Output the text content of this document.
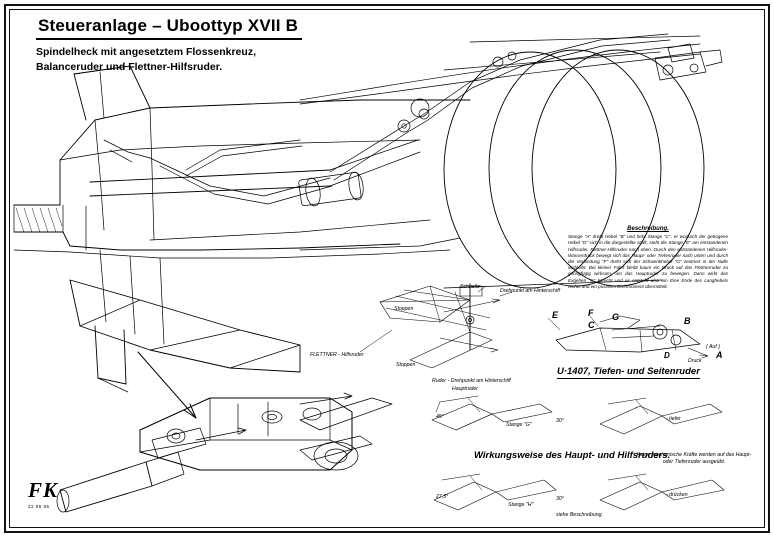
Steueranlage – Uboottyp XVII B
Spindelheck mit angesetztem Flossenkreuz,
Balanceruder und Flettner-Hilfsruder.
Beschreibung.
Stange "A" dreht Hebel "B" und hebt Stange "C", er wodurch der gebogene Hebel "D" sich in die dargestellte stellt, steht die Stange "E" am entstandenen Hilfsruder. Flettner-Hilfsruder nach oben. Durch den entstandenen Hilfsruder-Wasserdruck bewegt sich das Haupt- oder Tiefenruder nach unten und durch die Verbindung "F" dreht sich der Schwenkhebel "G" zentriert in der Nulle verbleibt. Bei kleiner Fahrt bleibt kaum ein Druck auf das Flettnerruder zu geringfügig wirksam, um das Hauptruder zu bewegen. Dann wirkt das Exgehen "G" lotrecht und es entsteht also ein Eine Ende des Langhebels rechts und ein positives Drehmoment übermittelt.
E	F
C
G
D
B
A
Druck
( Auf )
U·1407, Tiefen- und Seitenruder
Schnelle
Drehpunkt am Hinterschiff
Stoppen
Stoppen
Ruder - Drehpunkt am Hinterschiff
Hauptruder
FLETTNER - Hilfsruder
Stange "G"
Stange "H"
45°
30°
27,5°	30°
- tiefer
- drücken
siehe Beschreibung.
Keine mechanische Kräfte werden auf das Haupt- oder Tiefenruder ausgeübt.
Wirkungsweise des Haupt- und Hilfsruders.
FK
22 05 95
